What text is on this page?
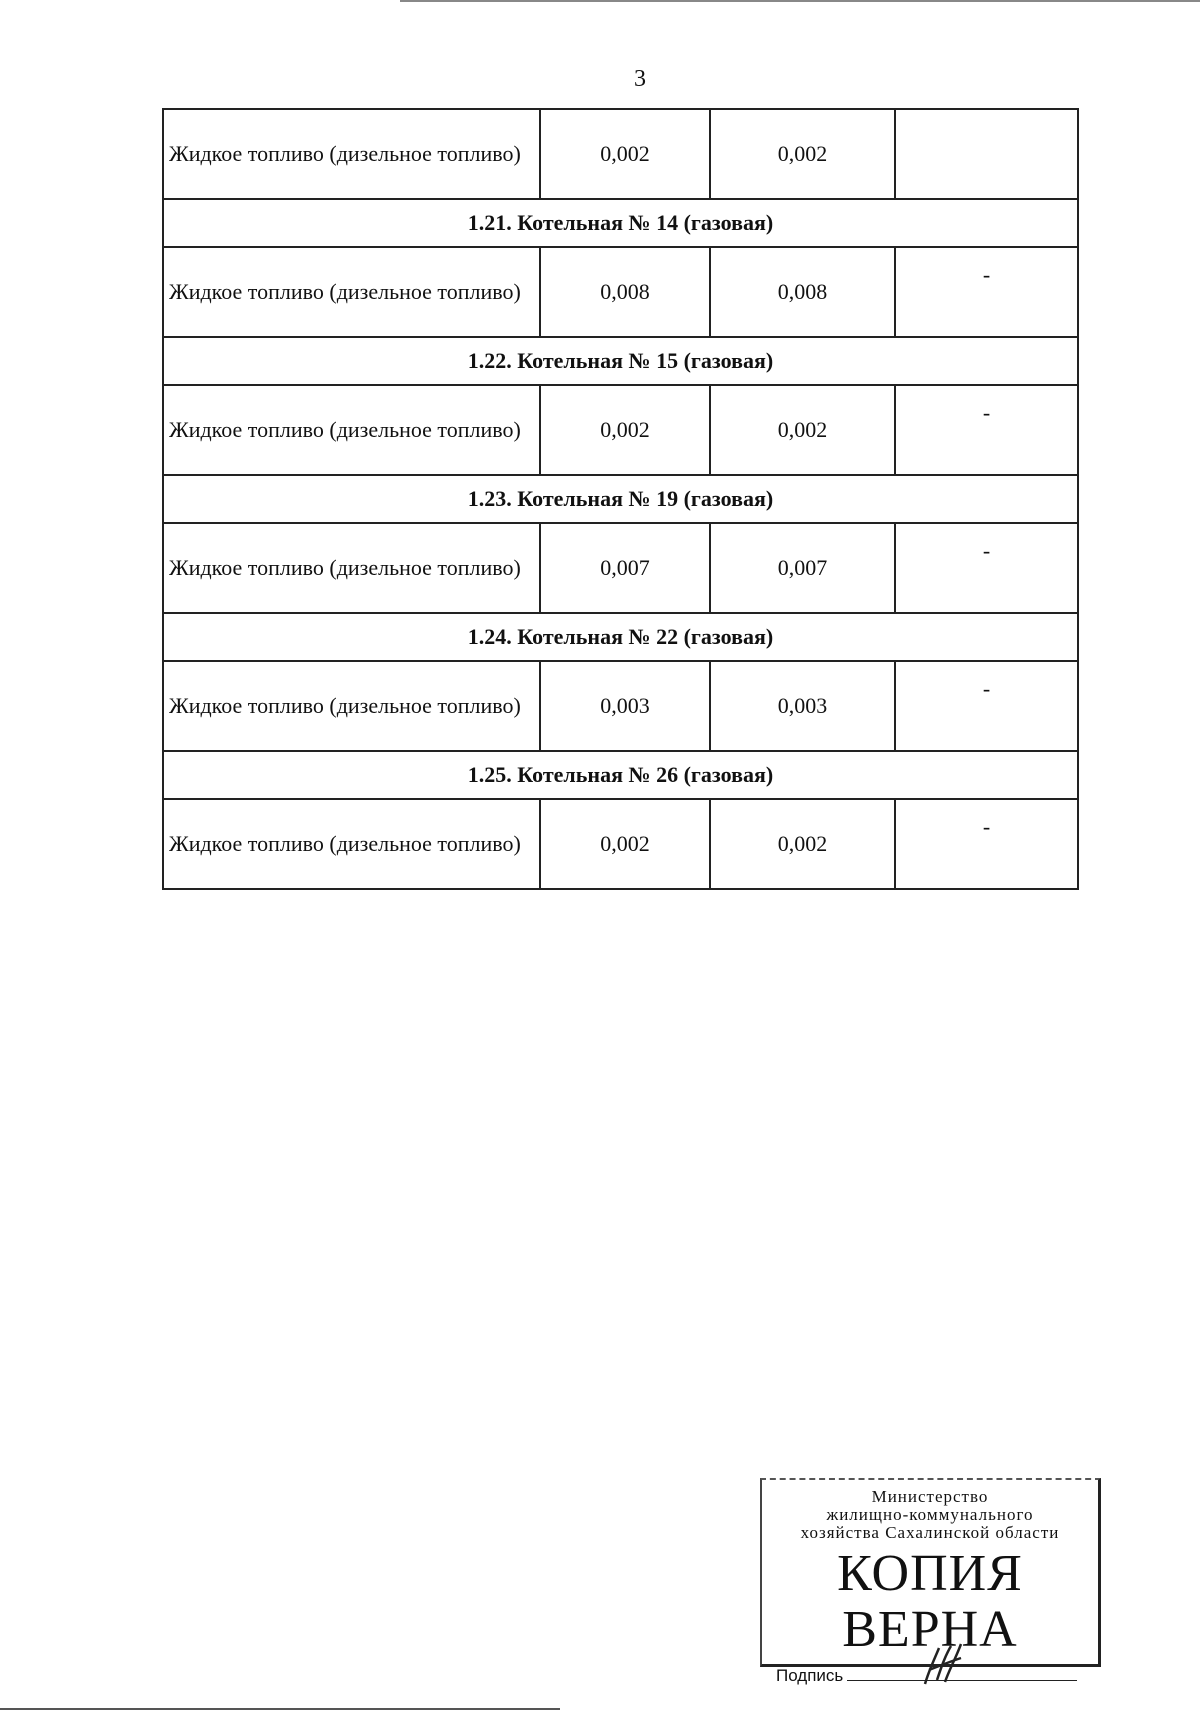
3
Жидкое топливо (дизельное топливо)	0,002	0,002	
1.21. Котельная № 14 (газовая)			
Жидкое топливо (дизельное топливо)	0,008	0,008	-
1.22. Котельная № 15 (газовая)			
Жидкое топливо (дизельное топливо)	0,002	0,002	-
1.23. Котельная № 19 (газовая)			
Жидкое топливо (дизельное топливо)	0,007	0,007	-
1.24. Котельная № 22 (газовая)			
Жидкое топливо (дизельное топливо)	0,003	0,003	-
1.25. Котельная № 26 (газовая)			
Жидкое топливо (дизельное топливо)	0,002	0,002	-
Министерство
жилищно-коммунального
хозяйства Сахалинской области
КОПИЯ ВЕРНА
Подпись
